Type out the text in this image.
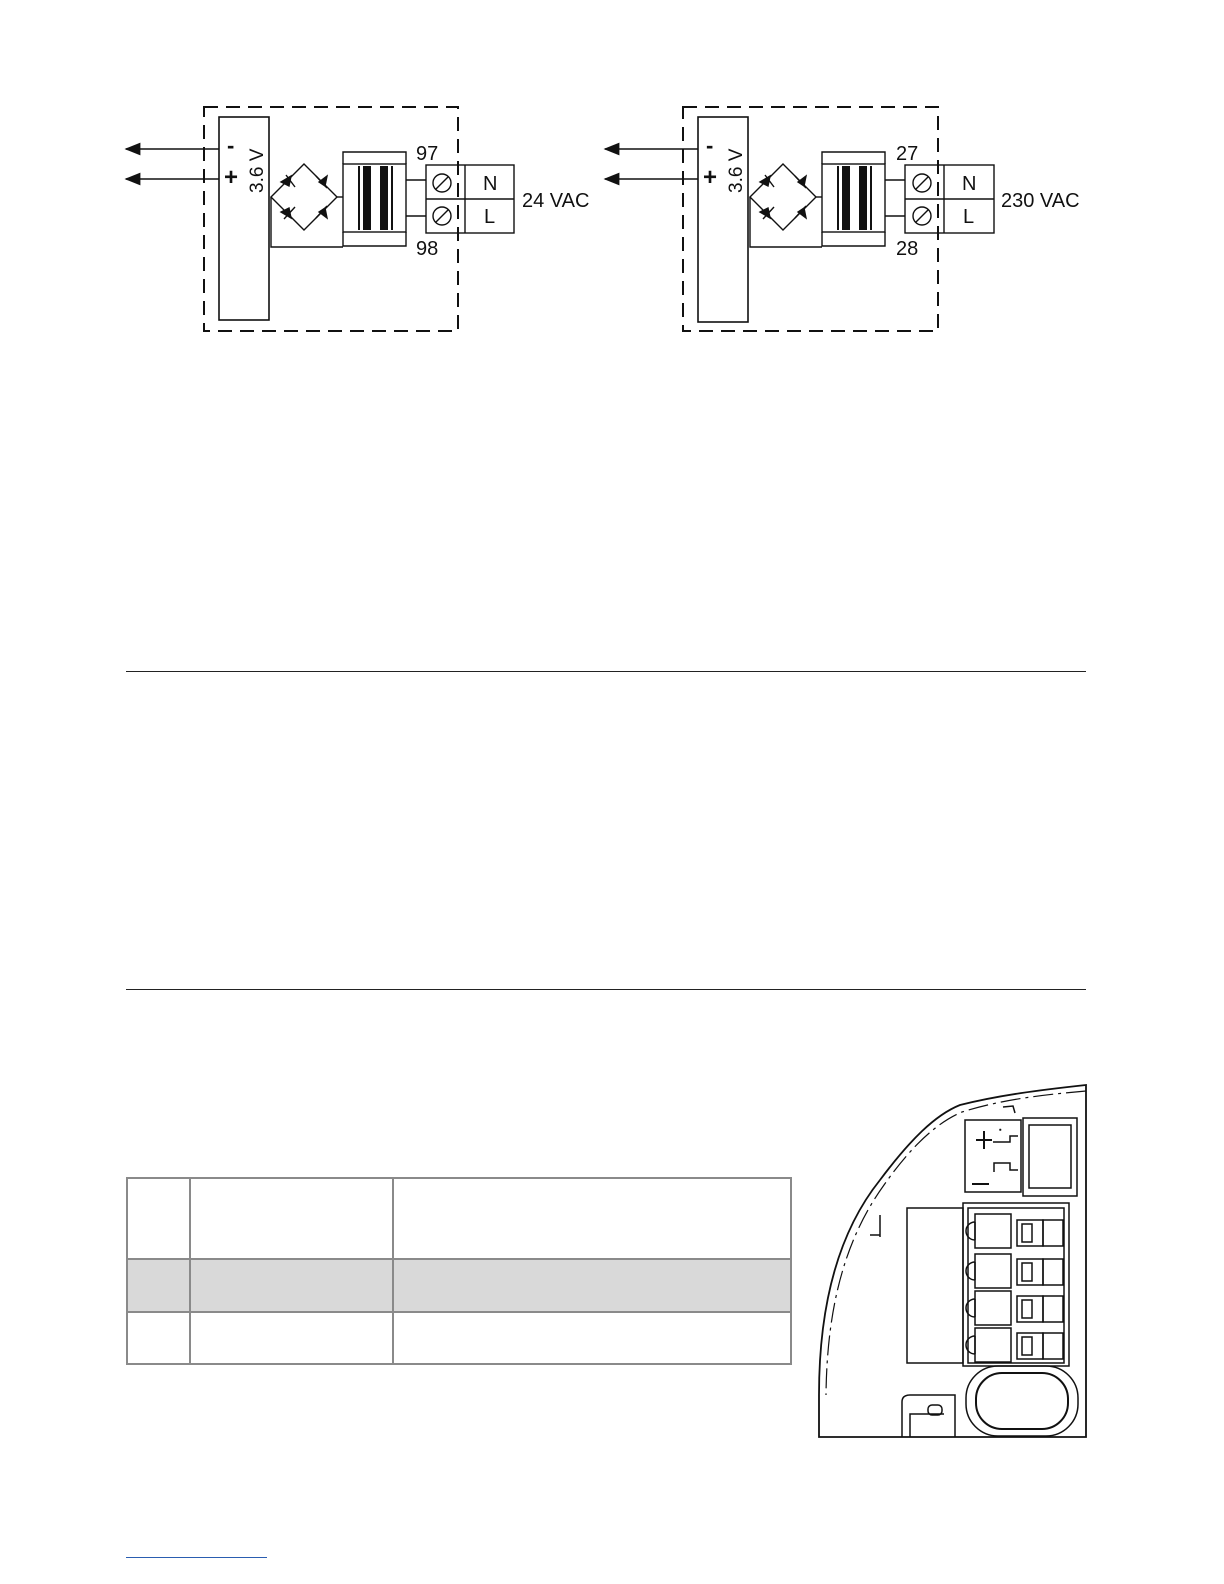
-
+ 3.6 V	97
98
N
L
24 VAC
-
+ 3.6 V	27
28
N
L
230 VAC
+
